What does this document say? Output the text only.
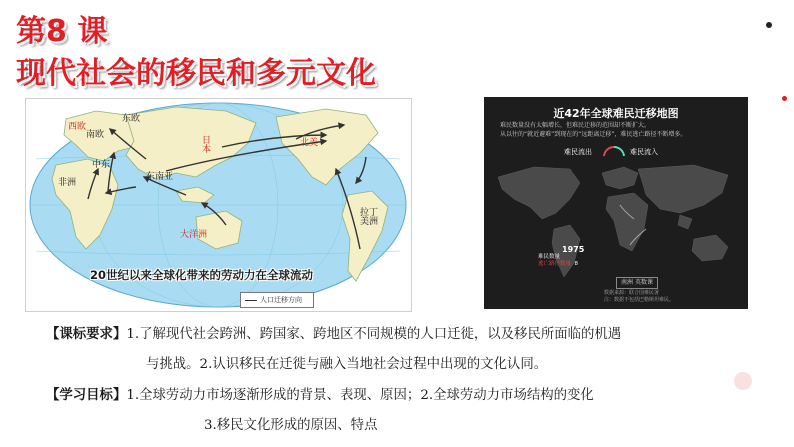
第8 课
现代社会的移民和多元文化
西欧
南欧
东欧
中东
日本
北美
非洲
东南亚
大洋洲
拉丁美洲
20世纪以来全球化带来的劳动力在全球流动
人口迁移方向
近42年全球难民迁移地图
难民数量没有太幅增长，但难民迁移的范围却不断扩大。
从以往的“就近避难”到现在的“远距离迁移”，难民逃亡路径不断增多。
难民流出	难民流入
1975
难民数量
逃亡路径数量 8
南洲 英数课
数据来源：联合国难民署
注：数据不包括巴勒斯坦难民。
【课标要求】1.了解现代社会跨洲、跨国家、跨地区不同规模的人口迁徙，以及移民所面临的机遇
与挑战。2.认识移民在迁徙与融入当地社会过程中出现的文化认同。
【学习目标】1.全球劳动力市场逐渐形成的背景、表现、原因；2.全球劳动力市场结构的变化
3.移民文化形成的原因、特点
